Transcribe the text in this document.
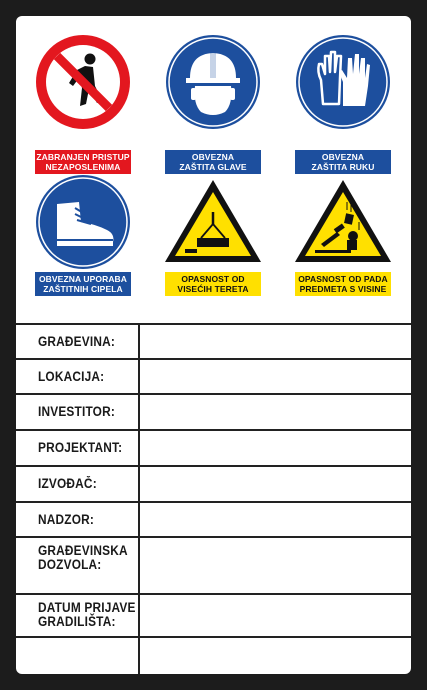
ZABRANJEN PRISTUP
NEZAPOSLENIMA
OBVEZNA
ZAŠTITA GLAVE
OBVEZNA
ZAŠTITA RUKU
OBVEZNA UPORABA
ZAŠTITNIH CIPELA
OPASNOST OD
VISEĆIH TERETA
OPASNOST OD PADA
PREDMETA S VISINE
GRAĐEVINA:
LOKACIJA:
INVESTITOR:
PROJEKTANT:
IZVOĐAČ:
NADZOR:
GRAĐEVINSKA
DOZVOLA:
DATUM PRIJAVE
GRADILIŠTA:
